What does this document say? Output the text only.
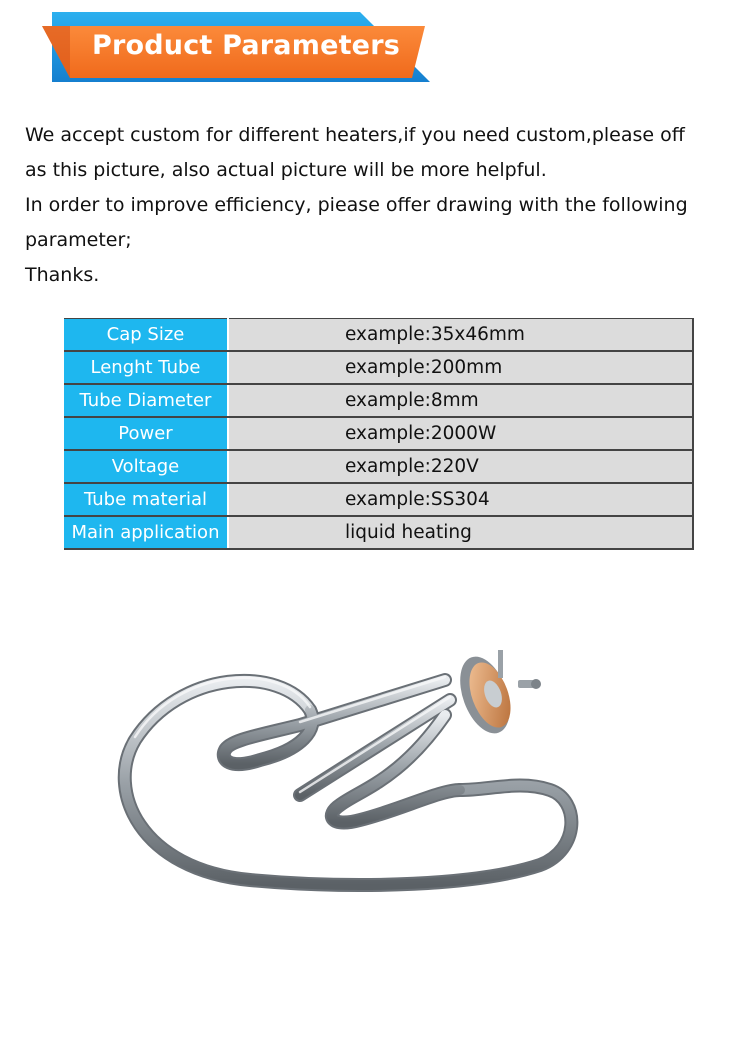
Product Parameters
We accept custom for different heaters,if you need custom,please off
as this picture, also actual picture will be more helpful.
In order to improve efficiency, piease offer drawing with the following
parameter;
Thanks.
Cap Size	example:35x46mm
Lenght Tube	example:200mm
Tube Diameter	example:8mm
Power	example:2000W
Voltage	example:220V
Tube material	example:SS304
Main application	liquid heating
